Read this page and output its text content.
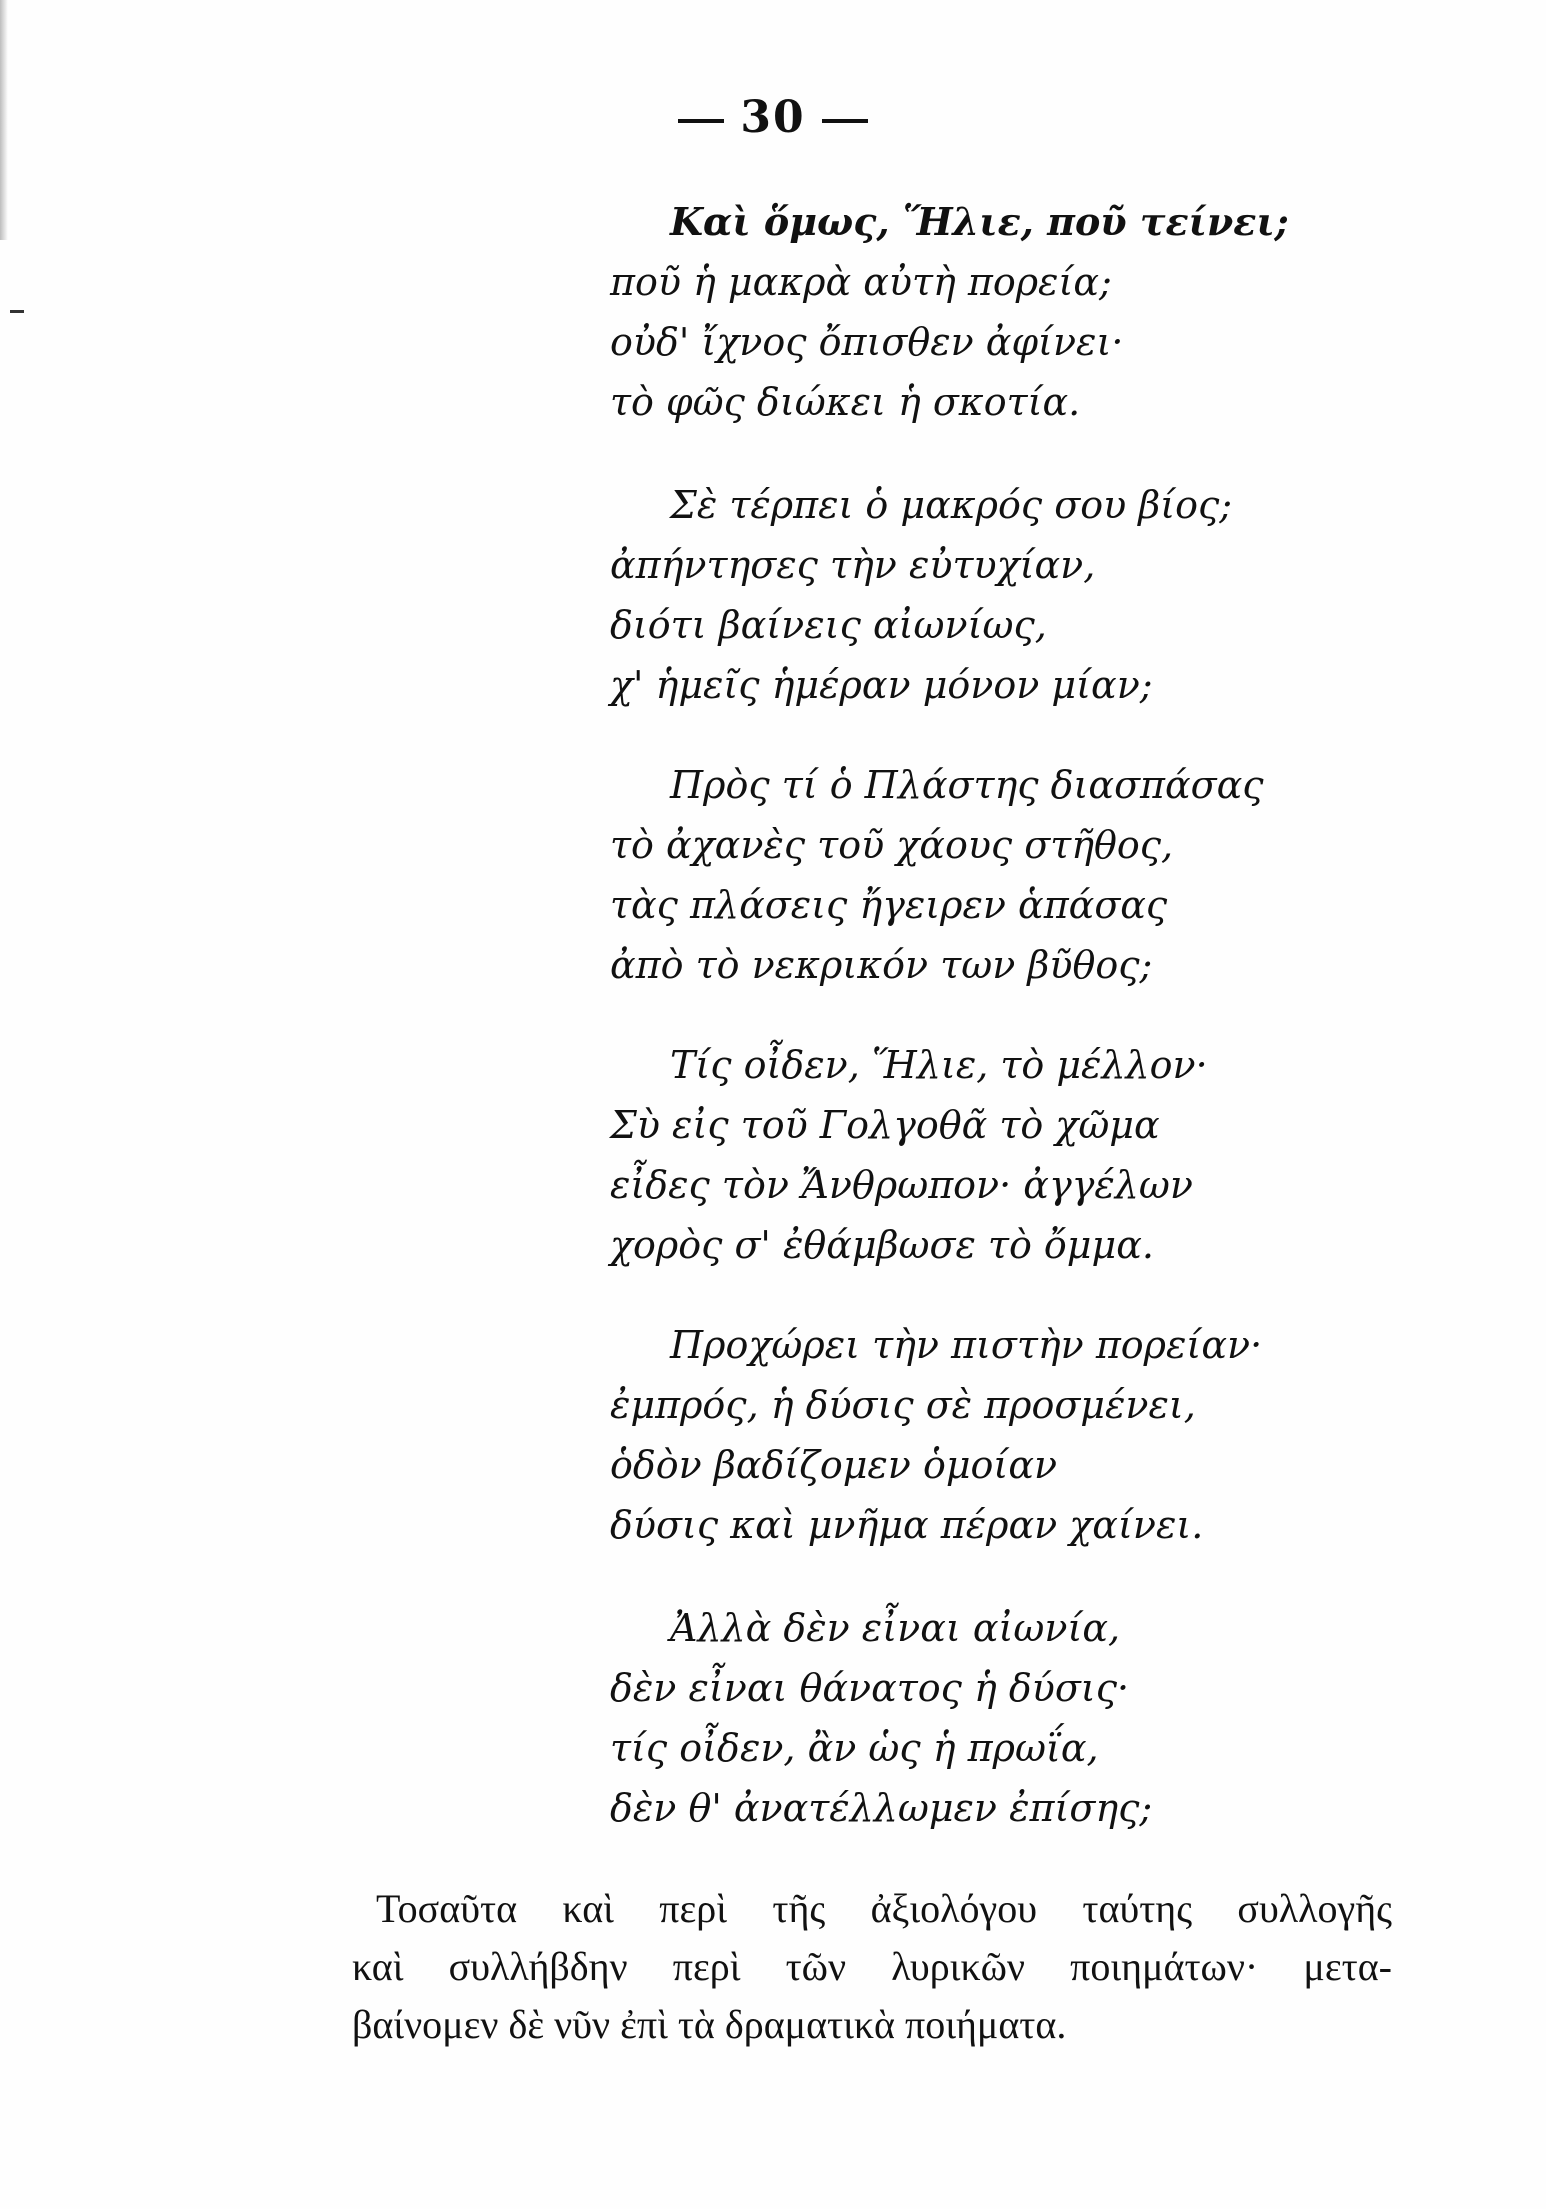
30
Καὶ ὅμως, Ἥλιε, ποῦ τείνει;
ποῦ ἡ μακρὰ αὐτὴ πορεία;
οὐδ' ἴχνος ὄπισθεν ἀφίνει·
τὸ φῶς διώκει ἡ σκοτία.
Σὲ τέρπει ὁ μακρός σου βίος;
ἀπήντησες τὴν εὐτυχίαν,
διότι βαίνεις αἰωνίως,
χ' ἡμεῖς ἡμέραν μόνον μίαν;
Πρὸς τί ὁ Πλάστης διασπάσας
τὸ ἀχανὲς τοῦ χάους στῆθος,
τὰς πλάσεις ἤγειρεν ἁπάσας
ἀπὸ τὸ νεκρικόν των βῦθος;
Τίς οἶδεν, Ἥλιε, τὸ μέλλον·
Σὺ εἰς τοῦ Γολγοθᾶ τὸ χῶμα
εἶδες τὸν Ἄνθρωπον· ἀγγέλων
χορὸς σ' ἐθάμβωσε τὸ ὄμμα.
Προχώρει τὴν πιστὴν πορείαν·
ἐμπρός, ἡ δύσις σὲ προσμένει,
ὁδὸν βαδίζομεν ὁμοίαν
δύσις καὶ μνῆμα πέραν χαίνει.
Ἀλλὰ δὲν εἶναι αἰωνία,
δὲν εἶναι θάνατος ἡ δύσις·
τίς οἶδεν, ἂν ὡς ἡ πρωΐα,
δὲν θ' ἀνατέλλωμεν ἐπίσης;
Τοσαῦτα καὶ περὶ τῆς ἀξιολόγου ταύτης συλλογῆς
καὶ συλλήβδην περὶ τῶν λυρικῶν ποιημάτων· μετα-
βαίνομεν δὲ νῦν ἐπὶ τὰ δραματικὰ ποιήματα.
